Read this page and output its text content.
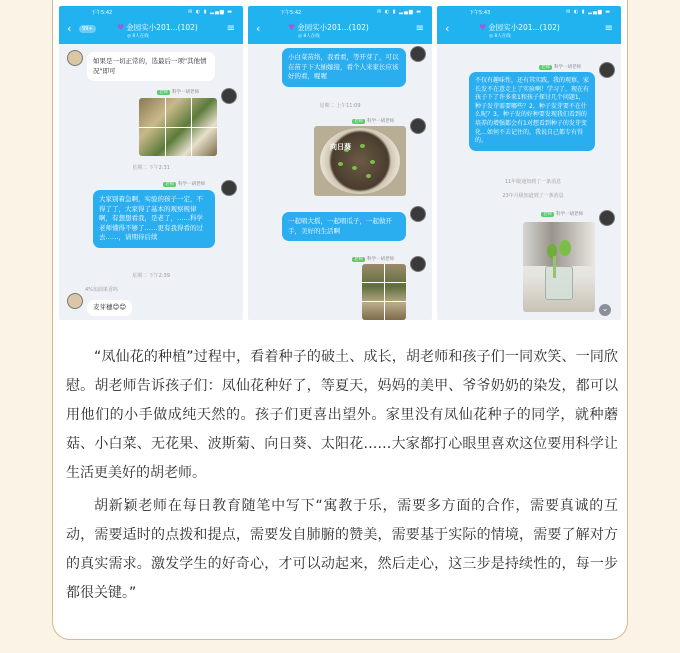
下午5:42	✉ ◐ ▮ ▂▄▆ ▬
‹	99+	♥ 金园实小201...(102)
◎ 8人在线
≡
如果是一切正常的，选最后一项"其他情况"即可
老师 科学一胡老师
星期二 下午2:31
老师 科学一胡老师
大家别着急啊，实验的孩子一定，不得了了，大家得了基本的观察规律啊，有想想看我，是老了，……科学老师懂得不够了……更有我得看的过去……，请期待后续
星期二 下午2:39
4%加油果香吗
麦芽穗😊😊
下午5:42	✉ ◐ ▮ ▂▄▆ ▬
‹	♥ 金园实小201...(102)
◎ 8人在线
≡
小白菜苗络，我看看，等开芽了，可以在苗子下大插嫁接，看个人来家长应该好的看，喔喔
星期二 上午11:09
老师 科学一胡老师
向日葵
一起唱大摇，一起唱瓜子，一起做开手，美好的生活啊
老师 科学一胡老师
下午5:43	✉ ◐ ▮ ▂▄▆ ▬
‹	♥ 金园实小201...(102)
◎ 8人在线
≡
老师 科学一胡老师
不仅有趣味性，还有其实践，我的观察，家长发不在意走上了实验啊！学习了，现在有孩子下了许多来1和孩子探讨几个问题1，种子发芽需要哪些？2，种子发芽要不在什么呢？3，种子发的好种要发现我们看到的培养的增强都会有1对想看到种子的发芽变化…如何不去记住的，我说自己都专有得的。
11年级通知到了一条消息
23年月级知道到了一条消息
老师 科学一胡老师
⌄

“凤仙花的种植”过程中，看着种子的破土、成长，胡老师和孩子们一同欢笑、一同欣慰。胡老师告诉孩子们：凤仙花种好了，等夏天，妈妈的美甲、爷爷奶奶的染发，都可以用他们的小手做成纯天然的。孩子们更喜出望外。家里没有凤仙花种子的同学，就种蘑菇、小白菜、无花果、波斯菊、向日葵、太阳花……大家都打心眼里喜欢这位要用科学让生活更美好的胡老师。

胡新颖老师在每日教育随笔中写下“寓教于乐，需要多方面的合作，需要真诚的互动，需要适时的点拨和提点，需要发自肺腑的赞美，需要基于实际的情境，需要了解对方的真实需求。激发学生的好奇心，才可以动起来，然后走心，这三步是持续性的，每一步都很关键。”
